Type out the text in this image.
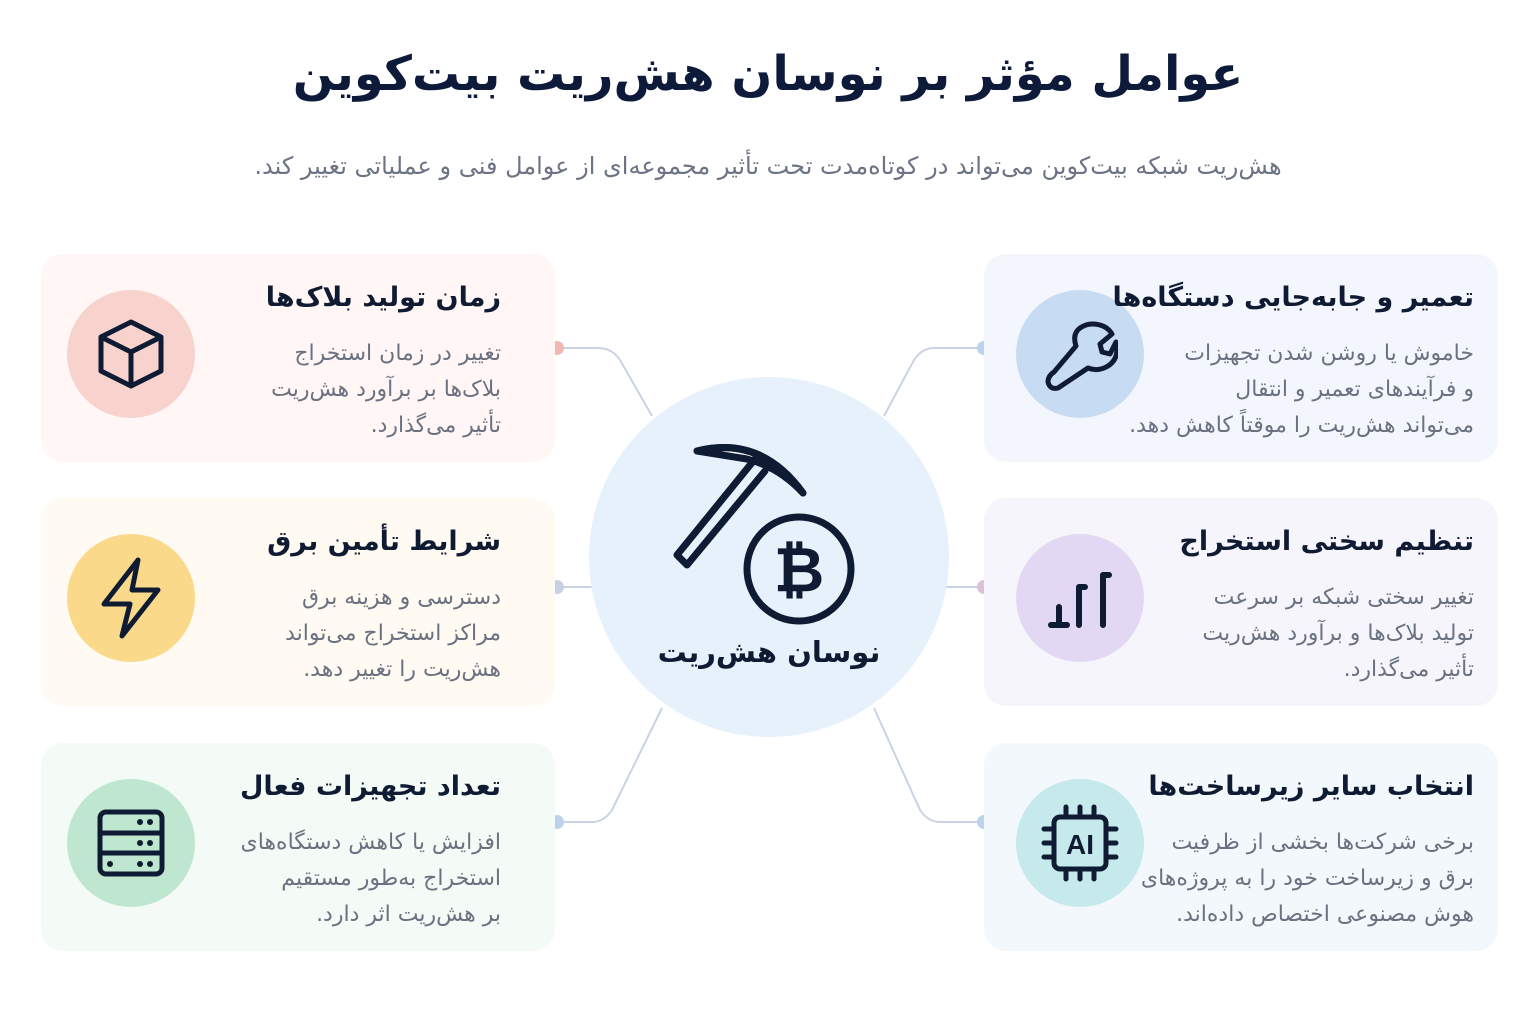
عوامل مؤثر بر نوسان هش‌ریت بیت‌کوین

هش‌ریت شبکه بیت‌کوین می‌تواند در کوتاه‌مدت تحت تأثیر مجموعه‌ای از عوامل فنی و عملیاتی تغییر کند.

₿

نوسان هش‌ریت

زمان تولید بلاک‌ها

تغییر در زمان استخراج
بلاک‌ها بر برآورد هش‌ریت
تأثیر می‌گذارد.

شرایط تأمین برق

دسترسی و هزینه برق
مراکز استخراج می‌تواند
هش‌ریت را تغییر دهد.

تعداد تجهیزات فعال

افزایش یا کاهش دستگاه‌های
استخراج به‌طور مستقیم
بر هش‌ریت اثر دارد.

تعمیر و جابه‌جایی دستگاه‌ها

خاموش یا روشن شدن تجهیزات
و فرآیندهای تعمیر و انتقال
می‌تواند هش‌ریت را موقتاً کاهش دهد.

تنظیم سختی استخراج

تغییر سختی شبکه بر سرعت
تولید بلاک‌ها و برآورد هش‌ریت
تأثیر می‌گذارد.

AI
انتخاب سایر زیرساخت‌ها

برخی شرکت‌ها بخشی از ظرفیت
برق و زیرساخت خود را به پروژه‌های
هوش مصنوعی اختصاص داده‌اند.
